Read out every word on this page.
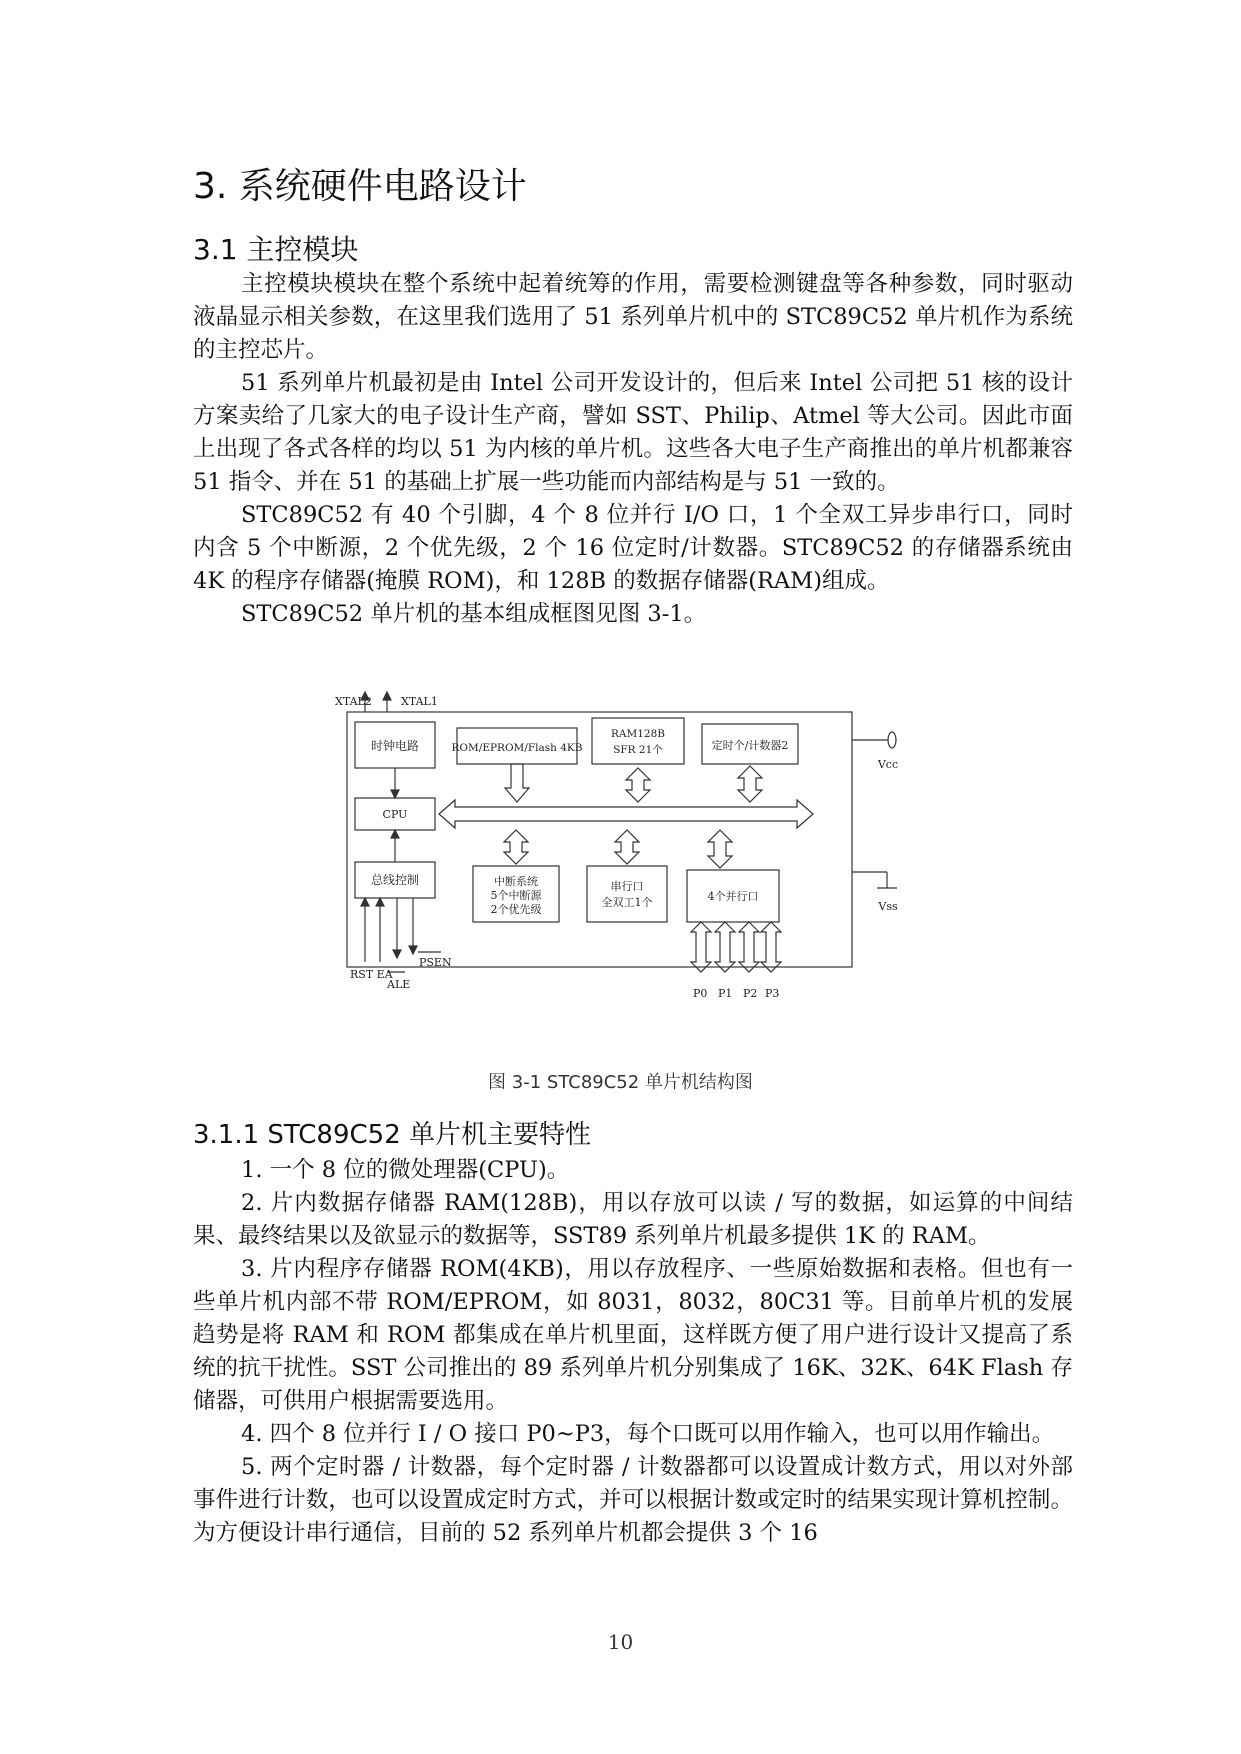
3. 系统硬件电路设计
3.1 主控模块

主控模块模块在整个系统中起着统筹的作用，需要检测键盘等各种参数，同时驱动液晶显示相关参数，在这里我们选用了 51 系列单片机中的 STC89C52 单片机作为系统的主控芯片。

51 系列单片机最初是由 Intel 公司开发设计的，但后来 Intel 公司把 51 核的设计方案卖给了几家大的电子设计生产商，譬如 SST、Philip、Atmel 等大公司。因此市面上出现了各式各样的均以 51 为内核的单片机。这些各大电子生产商推出的单片机都兼容 51 指令、并在 51 的基础上扩展一些功能而内部结构是与 51 一致的。

STC89C52 有 40 个引脚，4 个 8 位并行 I/O 口，1 个全双工异步串行口，同时内含 5 个中断源，2 个优先级，2 个 16 位定时/计数器。STC89C52 的存储器系统由 4K 的程序存储器(掩膜 ROM)，和 128B 的数据存储器(RAM)组成。

STC89C52 单片机的基本组成框图见图 3-1。

XTAL2	XTAL1
时钟电路	ROM/EPROM/Flash 4KB
RAM128B
SFR 21个	定时个/计数器2
CPU
总线控制	中断系统
5个中断源
2个优先级
串行口
全双工1个	4个并行口
Vcc
Vss
RST EA
ALE
PSEN
P0 P1 P2 P3
图 3-1 STC89C52 单片机结构图
3.1.1 STC89C52 单片机主要特性

1. 一个 8 位的微处理器(CPU)。

2. 片内数据存储器 RAM(128B)，用以存放可以读 / 写的数据，如运算的中间结果、最终结果以及欲显示的数据等，SST89 系列单片机最多提供 1K 的 RAM。

3. 片内程序存储器 ROM(4KB)，用以存放程序、一些原始数据和表格。但也有一些单片机内部不带 ROM/EPROM，如 8031，8032，80C31 等。目前单片机的发展趋势是将 RAM 和 ROM 都集成在单片机里面，这样既方便了用户进行设计又提高了系统的抗干扰性。SST 公司推出的 89 系列单片机分别集成了 16K、32K、64K Flash 存储器，可供用户根据需要选用。

4. 四个 8 位并行 I / O 接口 P0~P3，每个口既可以用作输入，也可以用作输出。

5. 两个定时器 / 计数器，每个定时器 / 计数器都可以设置成计数方式，用以对外部事件进行计数，也可以设置成定时方式，并可以根据计数或定时的结果实现计算机控制。为方便设计串行通信，目前的 52 系列单片机都会提供 3 个 16

10
